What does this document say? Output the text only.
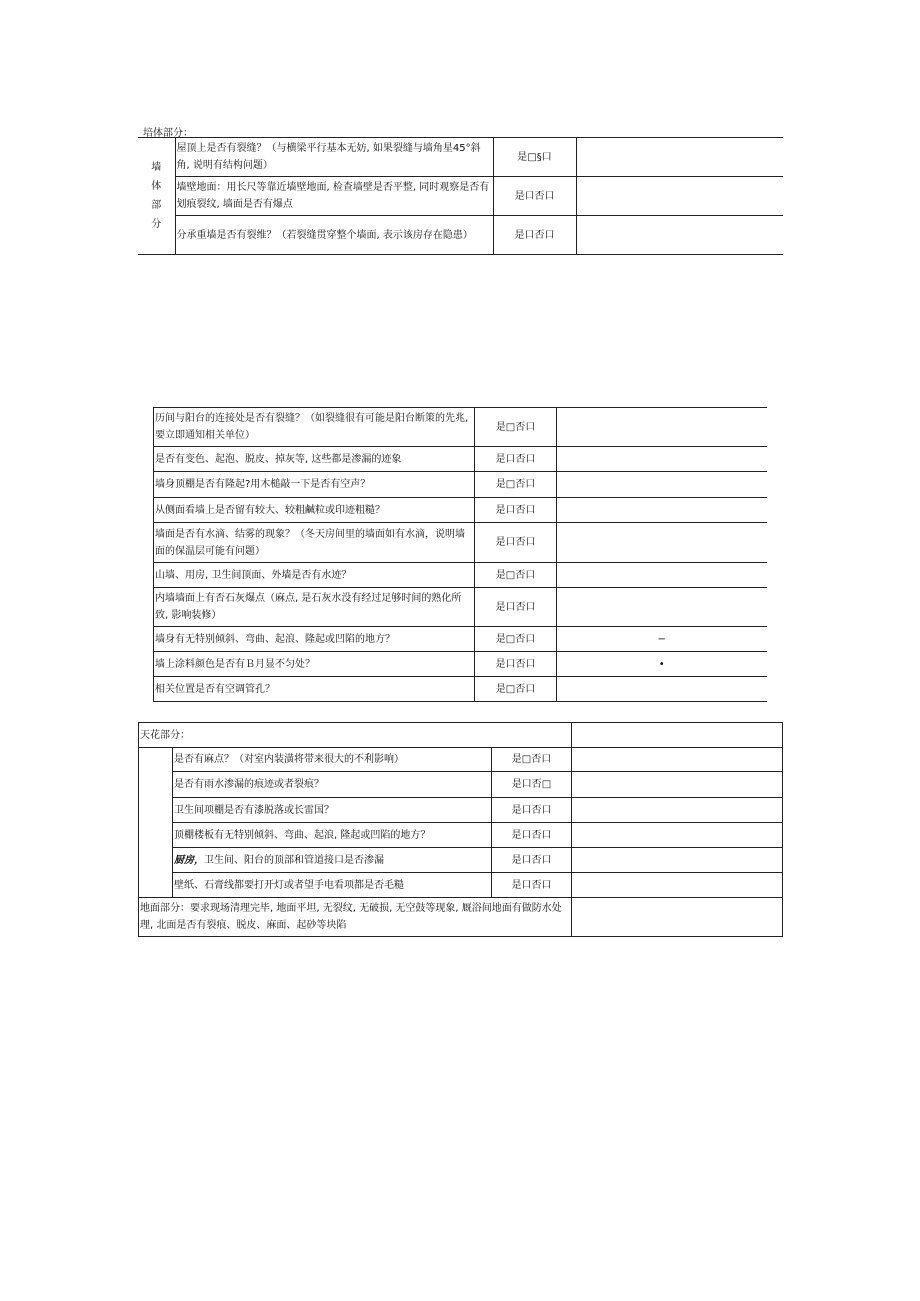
培体部分：
墙
体
部
分	屋顶上是否有裂缝？（与横梁平行基本无妨, 如果裂缝与墙角星45°斜角, 说明有结构问题）	是□§口	
	墙壁地面：用长尺等靠近墙壁地面, 检查墙壁是否平整, 同时观察是否有划痕裂纹, 墙面是否有爆点	是口否口	
	分承重墙是否有裂维？（若裂缝贯穿整个墙面, 表示该房存在隐患）	是口否口	
历间与阳台的连接处是否有裂缝？（如裂缝很有可能是阳台断策的先兆, 要立即通知相关单位）	是□否口	
是否有变色、起泡、脱皮、掉灰等, 这些都是渗漏的迹象	是口否口	
墙身顶棚是否有隆起?用木槌敲一下是否有空声？	是□否口	
从侧面看墙上是否留有较大、较粗鹹粒或印迹粗糙？	是口否口	
墙面是否有水滴、结雾的现象？（冬天房间里的墙面如有水滴，说明墙面的保温层可能有问题）	是口否口	
山墙、用房, 卫生间顶面、外墙是否有水迹？	是□否口	
内墙墙面上有否石灰爆点（麻点, 是石灰水没有经过足够时间的熟化所致, 影响装修）	是口否口	
墙身有无特别倾斜、弯曲、起浪、隆起或凹陷的地方？	是□否口	−
墙上涂料颜色是否有Ｂ月显不匀处？	是口否口	•
相关位置是否有空调管孔？	是□否口	
天花部分：			
	是否有麻点？（对室内装潢将带来很大的不利影响）	是□否口	
	是否有雨水渗漏的痕迹或者裂痕？	是口否□	
	卫生间项棚是否有漆脱落或长雷国？	是口否口	
	顶棚楼板有无特别倾斜、弯曲、起浪, 隆起或凹陷的地方？	是口否口	
	厨房，卫生间、阳台的顶部和管道接口是否渗漏	是口否口	
	壁纸、石膏线都要打开灯或者望手电看项都是否毛糙	是口否口	
地面部分：要求现场清理完毕, 地面平坦, 无裂纹, 无破损, 无空鼓等现象, 厩浴间地面有做防水处理, 北面是否有裂痕、脱皮、麻面、起砂等块陷			
